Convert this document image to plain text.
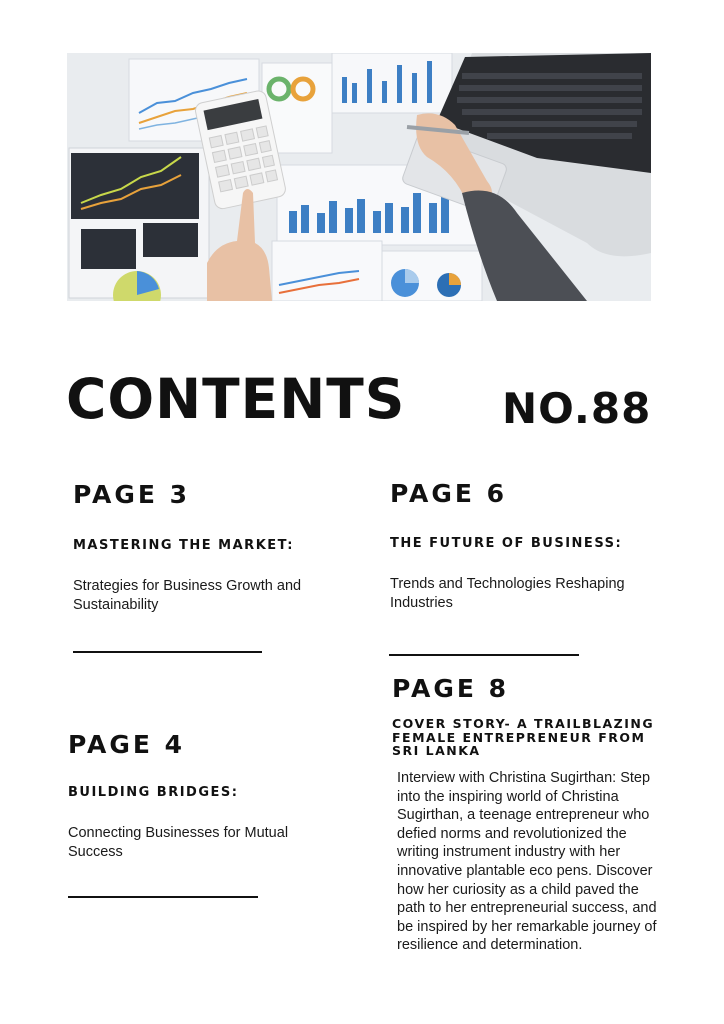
CONTENTS NO.88
PAGE 3
MASTERING THE MARKET:
Strategies for Business Growth and Sustainability
PAGE 6
THE FUTURE OF BUSINESS:
Trends and Technologies Reshaping Industries
PAGE 4
BUILDING BRIDGES:
Connecting Businesses for Mutual Success
PAGE 8
COVER STORY- A TRAILBLAZING FEMALE ENTREPRENEUR FROM SRI LANKA
Interview with Christina Sugirthan: Step into the inspiring world of Christina Sugirthan, a teenage entrepreneur who defied norms and revolutionized the writing instrument industry with her innovative plantable eco pens. Discover how her curiosity as a child paved the path to her entrepreneurial success, and be inspired by her remarkable journey of resilience and determination.
